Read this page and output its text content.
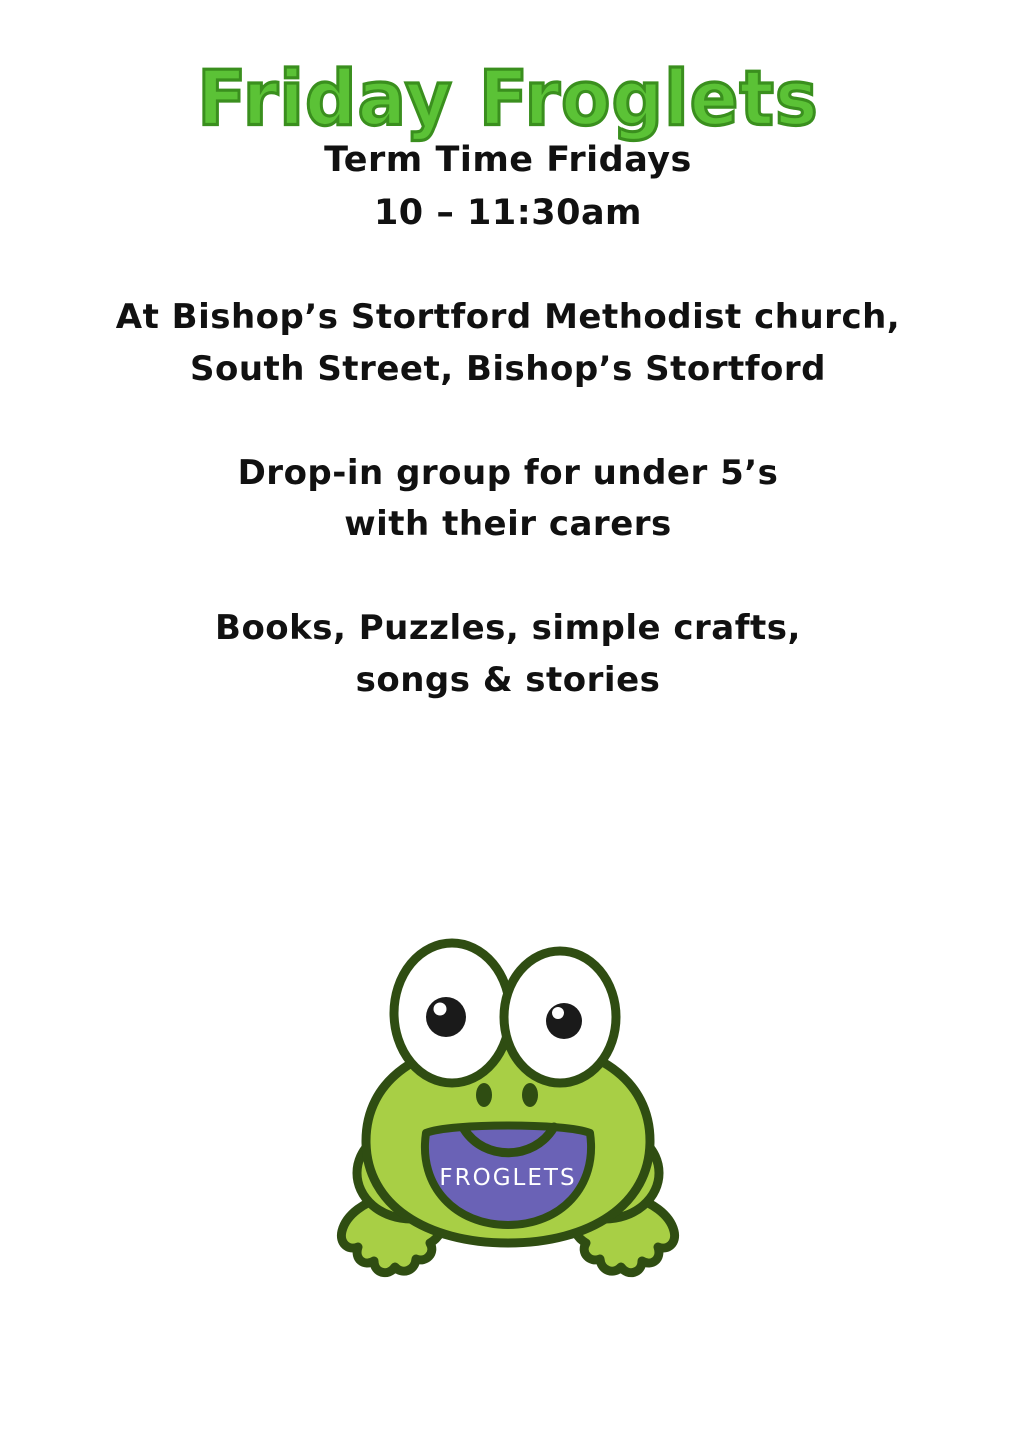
Friday Froglets
Term Time Fridays
10 – 11:30am
At Bishop’s Stortford Methodist church,
South Street, Bishop’s Stortford
Drop-in group for under 5’s
with their carers
Books, Puzzles, simple crafts,
songs & stories
FROGLETS
